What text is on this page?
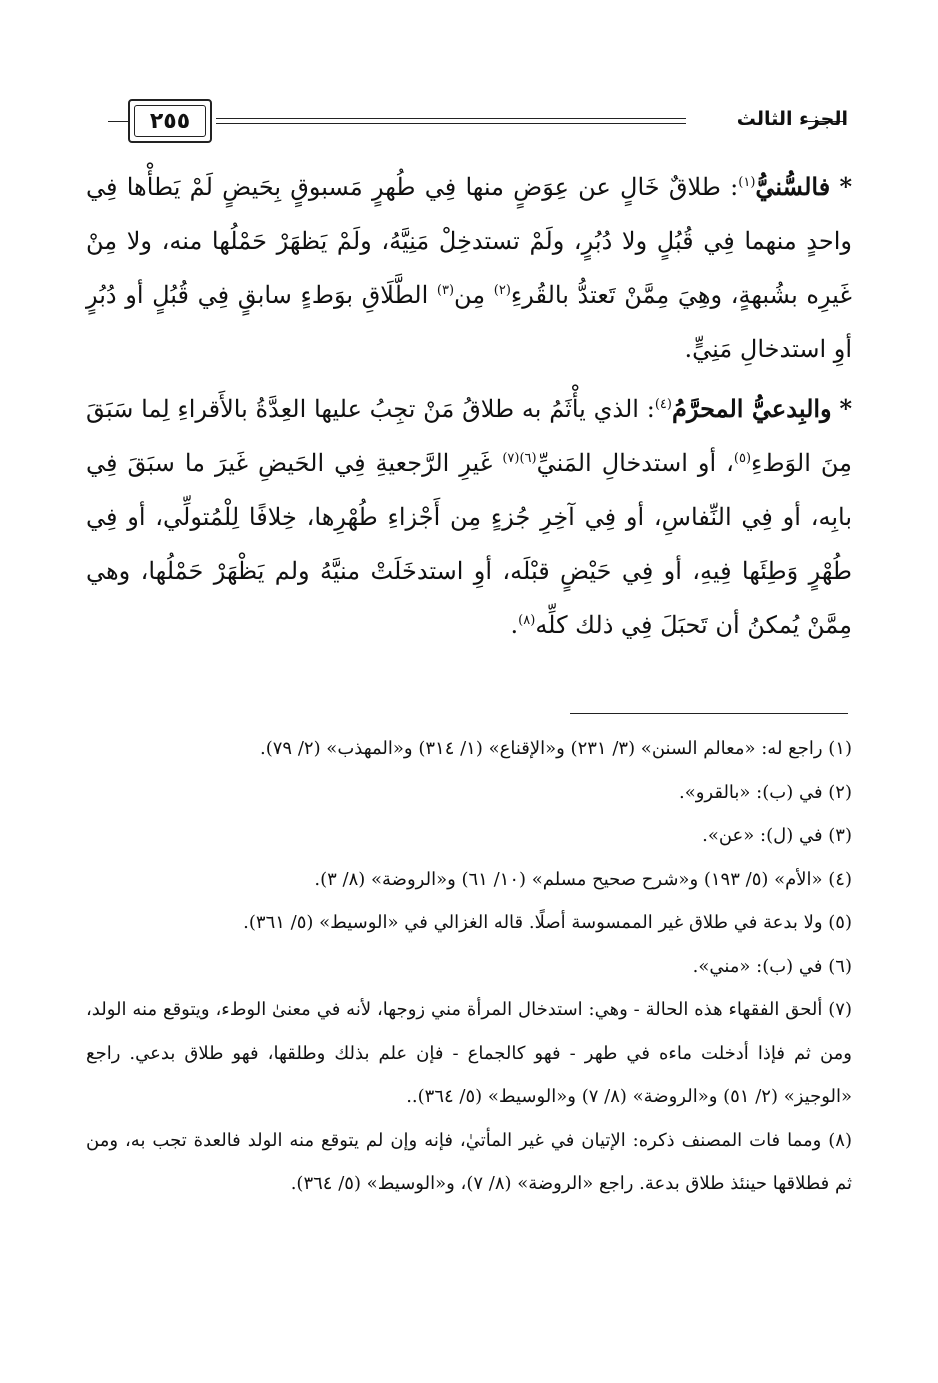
الجزء الثالث
٢٥٥

* فالسُّنيُّ$^{(١)}$: طلاقٌ خَالٍ عن عِوَضٍ منها فِي طُهرٍ مَسبوقٍ بِحَيضٍ لَمْ يَطأْها فِي واحدٍ منهما فِي قُبُلٍ ولا دُبُرٍ، ولَمْ تستدخِلْ مَنِيَّهُ، ولَمْ يَظهَرْ حَمْلُها منه، ولا مِنْ غَيرِه بشُبهةٍ، وهِيَ مِمَّنْ تَعتدُّ بالقُرءِ$^{(٢)}$ مِن$^{(٣)}$ الطَّلَاقِ بوَطءٍ سابقٍ فِي قُبُلٍ أو دُبُرٍ أوِ استدخالِ مَنِيٍّ.

* والبِدعيُّ المحرَّمُ$^{(٤)}$: الذي يأْثَمُ به طلاقُ مَنْ تجِبُ عليها العِدَّةُ بالأَقراءِ لِما سَبَقَ مِنَ الوَطءِ$^{(٥)}$، أو استدخالِ المَنيِّ$^{(٦)(٧)}$ غَيرِ الرَّجعيةِ فِي الحَيضِ غَيرَ ما سبَقَ فِي بابِه، أو فِي النِّفاسِ، أو فِي آخِرِ جُزءٍ مِن أَجْزاءِ طُهْرِها، خِلافًا لِلْمُتولِّي، أو فِي طُهْرٍ وَطِئَها فِيهِ، أو فِي حَيْضٍ قبْلَه، أوِ استدخَلَتْ منيَّهُ ولم يَظْهَرْ حَمْلُها، وهي مِمَّنْ يُمكنُ أن تَحبَلَ فِي ذلك كلِّه$^{(٨)}$.

(١) راجع له: «معالم السنن» (٣/ ٢٣١) و«الإقناع» (١/ ٣١٤) و«المهذب» (٢/ ٧٩).

(٢) في (ب): «بالقرو».

(٣) في (ل): «عن».

(٤) «الأم» (٥/ ١٩٣) و«شرح صحيح مسلم» (١٠/ ٦١) و«الروضة» (٨/ ٣).

(٥) ولا بدعة في طلاق غير الممسوسة أصلًا. قاله الغزالي في «الوسيط» (٥/ ٣٦١).

(٦) في (ب): «مني».

(٧) ألحق الفقهاء هذه الحالة - وهي: استدخال المرأة مني زوجها، لأنه في معنىٰ الوطء، ويتوقع منه الولد، ومن ثم فإذا أدخلت ماءه في طهر - فهو كالجماع - فإن علم بذلك وطلقها، فهو طلاق بدعي. راجع «الوجيز» (٢/ ٥١) و«الروضة» (٨/ ٧) و«الوسيط» (٥/ ٣٦٤)..

(٨) ومما فات المصنف ذكره: الإتيان في غير المأتيٰ، فإنه وإن لم يتوقع منه الولد فالعدة تجب به، ومن ثم فطلاقها حينئذ طلاق بدعة. راجع «الروضة» (٨/ ٧)، و«الوسيط» (٥/ ٣٦٤).
